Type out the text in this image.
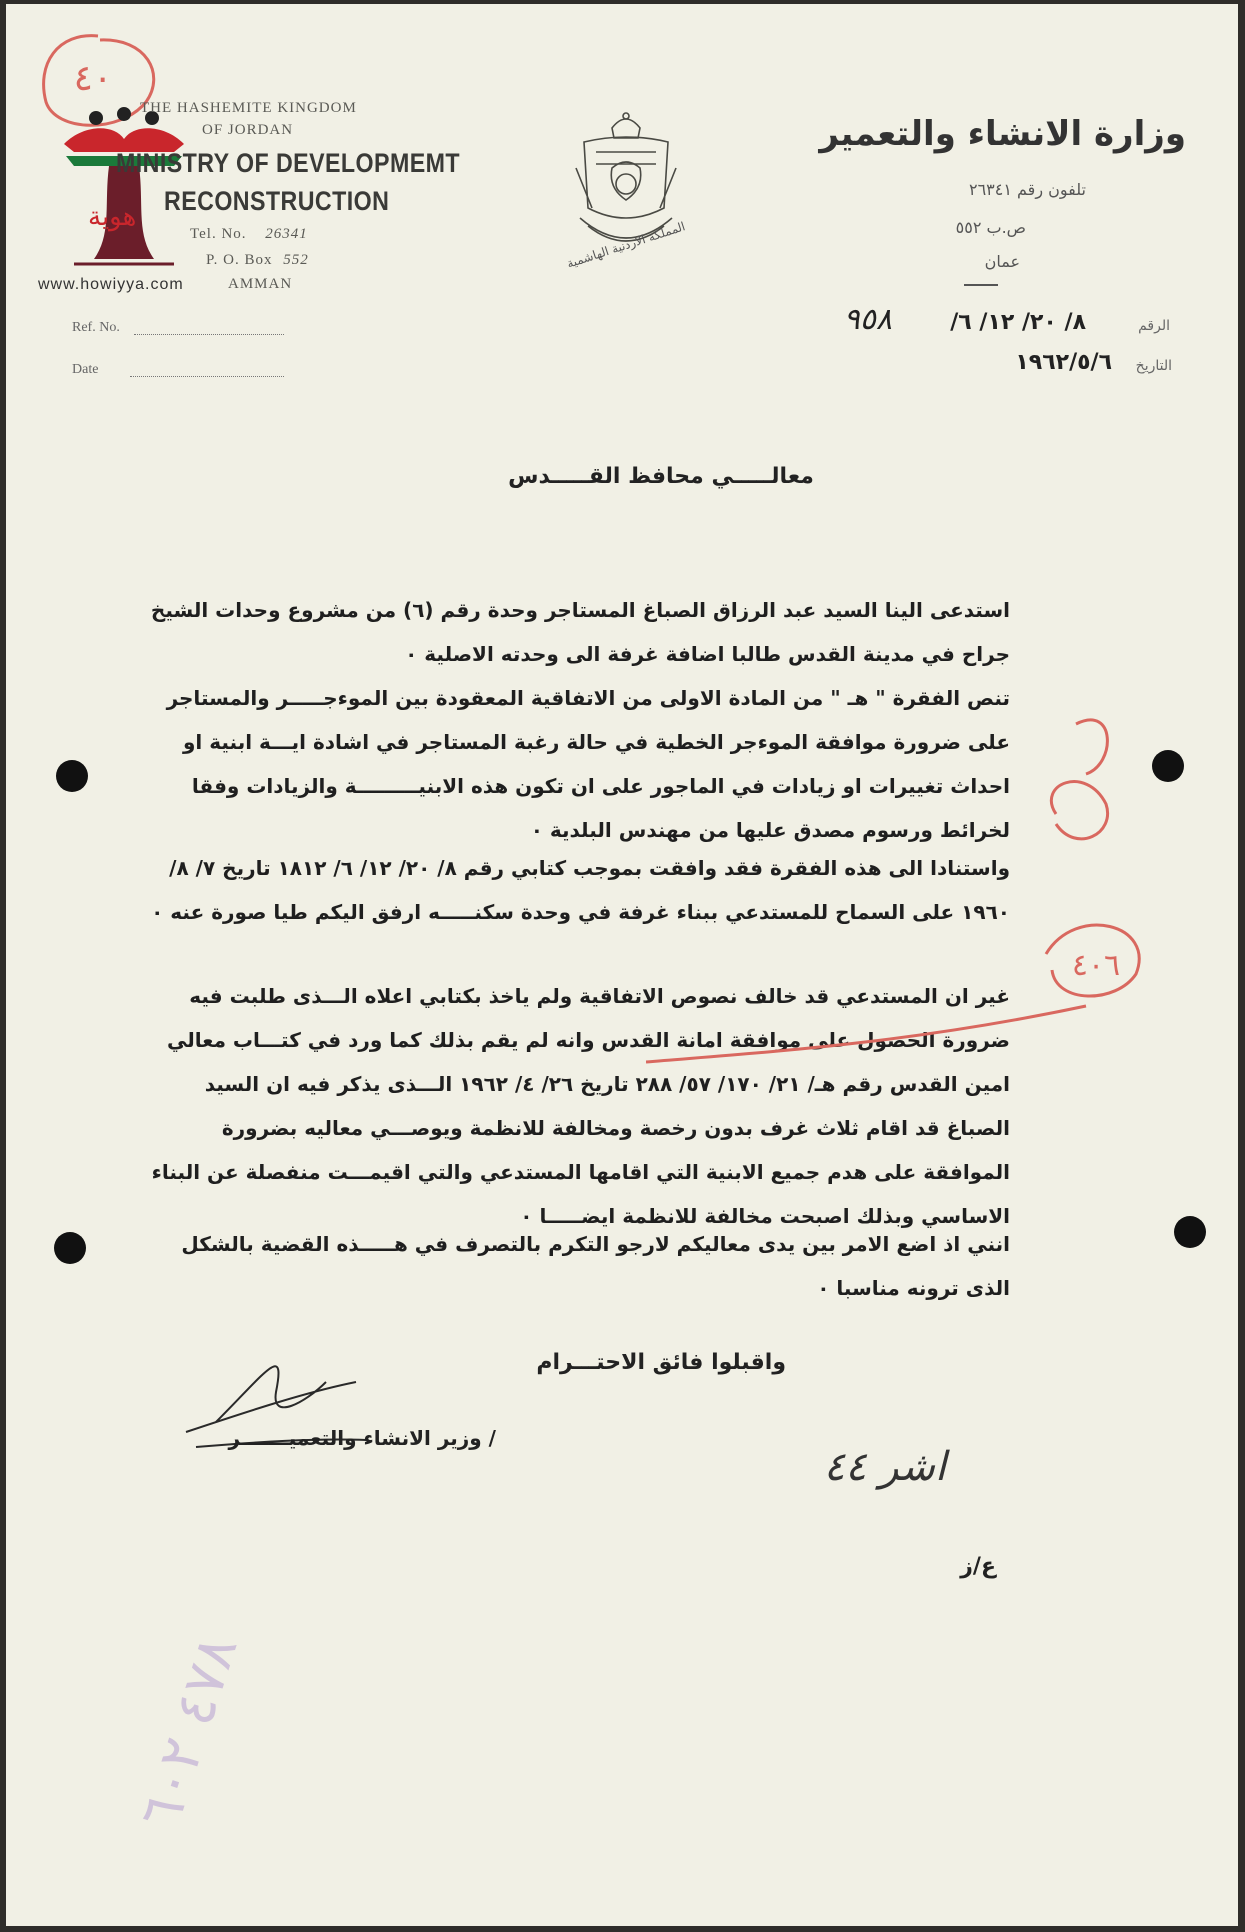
٤٠
هوية
www.howiyya.com
THE HASHEMITE KINGDOM
OF JORDAN
MINISTRY OF DEVELOPMEMT
RECONSTRUCTION
Tel. No. 26341
P. O. Box 552
AMMAN
Ref. No.
Date
المملكة الاردنية الهاشمية
وزارة الانشاء والتعمير
تلفون رقم ٢٦٣٤١
ص.ب ٥٥٢
عمان
الرقم
٨/ ٢٠/ ١٢/ ٦/
٩٥٨
التاريخ
١٩٦٢/٥/٦
معالـــــي محافظ القـــــدس
استدعى الينا السيد عبد الرزاق الصباغ المستاجر وحدة رقم (٦) من مشروع وحدات الشيخ جراح في مدينة القدس طالبا اضافة غرفة الى وحدته الاصلية ٠
تنص الفقرة " هـ " من المادة الاولى من الاتفاقية المعقودة بين الموءجـــــر والمستاجر على ضرورة موافقة الموءجر الخطية في حالة رغبة المستاجر في اشادة ايـــة ابنية او احداث تغييرات او زيادات في الماجور على ان تكون هذه الابنيـــــــــة والزيادات وفقا لخرائط ورسوم مصدق عليها من مهندس البلدية ٠
واستنادا الى هذه الفقرة فقد وافقت بموجب كتابي رقم ٨/ ٢٠/ ١٢/ ٦/ ١٨١٢ تاريخ ٧/ ٨/ ١٩٦٠ على السماح للمستدعي ببناء غرفة في وحدة سكنـــــه ارفق اليكم طيا صورة عنه ٠
غير ان المستدعي قد خالف نصوص الاتفاقية ولم ياخذ بكتابي اعلاه الـــذى طلبت فيه ضرورة الحصول على موافقة امانة القدس وانه لم يقم بذلك كما ورد في كتـــاب معالي امين القدس رقم هـ/ ٢١/ ١٧٠/ ٥٧/ ٢٨٨ تاريخ ٢٦/ ٤/ ١٩٦٢ الـــذى يذكر فيه ان السيد الصباغ قد اقام ثلاث غرف بدون رخصة ومخالفة للانظمة ويوصـــي معاليه بضرورة الموافقة على هدم جميع الابنية التي اقامها المستدعي والتي اقيمـــت منفصلة عن البناء الاساسي وبذلك اصبحت مخالفة للانظمة ايضـــــا ٠
انني اذ اضع الامر بين يدى معاليكم لارجو التكرم بالتصرف في هـــــذه القضية بالشكل الذى ترونه مناسبا ٠
٤٠٦
واقبلوا فائق الاحتـــرام
/ وزير الانشاء والتعميـــــــر
اشر ٤٤
ع/ز
٤٧٨ ٦٠٢
